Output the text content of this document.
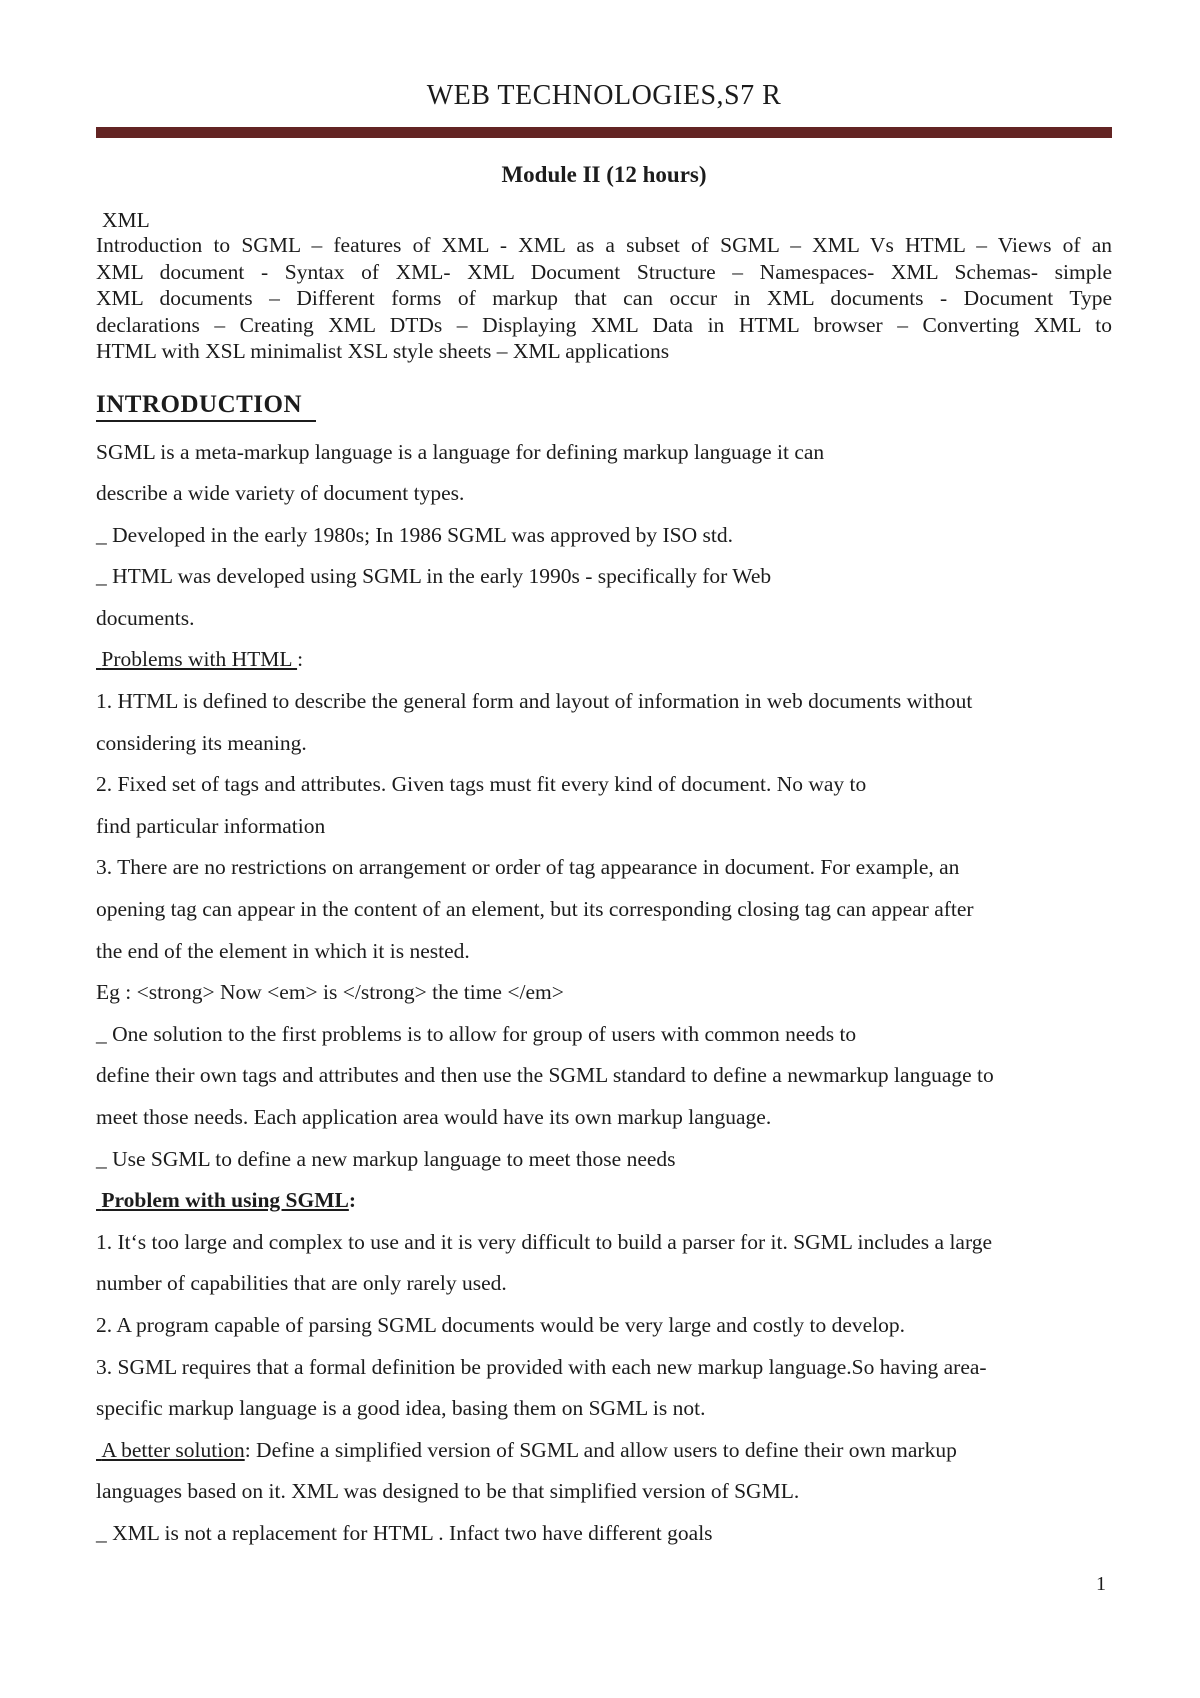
WEB TECHNOLOGIES,S7 R
Module II (12 hours)
XML
Introduction to SGML – features of XML - XML as a subset of SGML – XML Vs HTML – Views of an
XML document - Syntax of XML- XML Document Structure – Namespaces- XML Schemas- simple
XML documents – Different forms of markup that can occur in XML documents - Document Type
declarations – Creating XML DTDs – Displaying XML Data in HTML browser – Converting XML to
HTML with XSL minimalist XSL style sheets – XML applications
INTRODUCTION
SGML is a meta-markup language is a language for defining markup language it can
describe a wide variety of document types.
_ Developed in the early 1980s; In 1986 SGML was approved by ISO std.
_ HTML was developed using SGML in the early 1990s - specifically for Web
documents.
Problems with HTML :
1. HTML is defined to describe the general form and layout of information in web documents without
considering its meaning.
2. Fixed set of tags and attributes. Given tags must fit every kind of document. No way to
find particular information
3. There are no restrictions on arrangement or order of tag appearance in document. For example, an
opening tag can appear in the content of an element, but its corresponding closing tag can appear after
the end of the element in which it is nested.
Eg : <strong> Now <em> is </strong> the time </em>
_ One solution to the first problems is to allow for group of users with common needs to
define their own tags and attributes and then use the SGML standard to define a newmarkup language to
meet those needs. Each application area would have its own markup language.
_ Use SGML to define a new markup language to meet those needs
Problem with using SGML:
1. It‘s too large and complex to use and it is very difficult to build a parser for it. SGML includes a large
number of capabilities that are only rarely used.
2. A program capable of parsing SGML documents would be very large and costly to develop.
3. SGML requires that a formal definition be provided with each new markup language.So having area-
specific markup language is a good idea, basing them on SGML is not.
A better solution: Define a simplified version of SGML and allow users to define their own markup
languages based on it. XML was designed to be that simplified version of SGML.
_ XML is not a replacement for HTML . Infact two have different goals
1
